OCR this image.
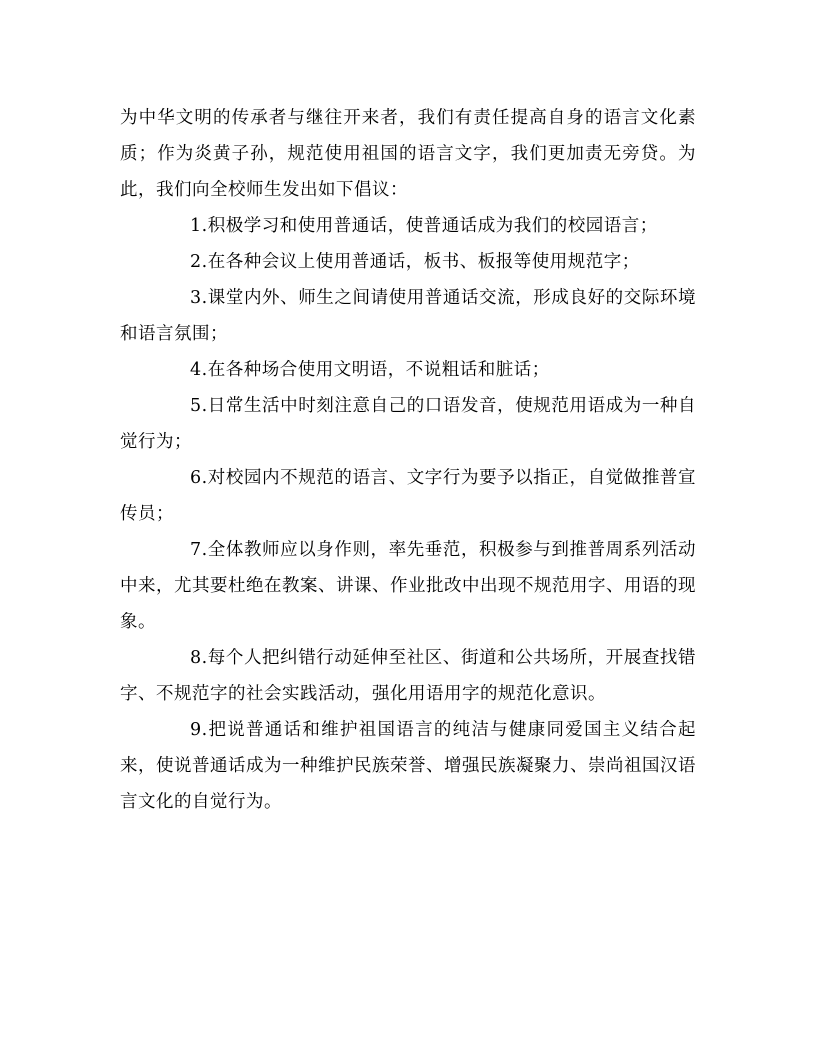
为中华文明的传承者与继往开来者，我们有责任提高自身的语言文化素质；作为炎黄子孙，规范使用祖国的语言文字，我们更加责无旁贷。为此，我们向全校师生发出如下倡议：

1.积极学习和使用普通话，使普通话成为我们的校园语言；

2.在各种会议上使用普通话，板书、板报等使用规范字；

3.课堂内外、师生之间请使用普通话交流，形成良好的交际环境和语言氛围；

4.在各种场合使用文明语，不说粗话和脏话；

5.日常生活中时刻注意自己的口语发音，使规范用语成为一种自觉行为；

6.对校园内不规范的语言、文字行为要予以指正，自觉做推普宣传员；

7.全体教师应以身作则，率先垂范，积极参与到推普周系列活动中来，尤其要杜绝在教案、讲课、作业批改中出现不规范用字、用语的现象。

8.每个人把纠错行动延伸至社区、街道和公共场所，开展查找错字、不规范字的社会实践活动，强化用语用字的规范化意识。

9.把说普通话和维护祖国语言的纯洁与健康同爱国主义结合起来，使说普通话成为一种维护民族荣誉、增强民族凝聚力、崇尚祖国汉语言文化的自觉行为。
